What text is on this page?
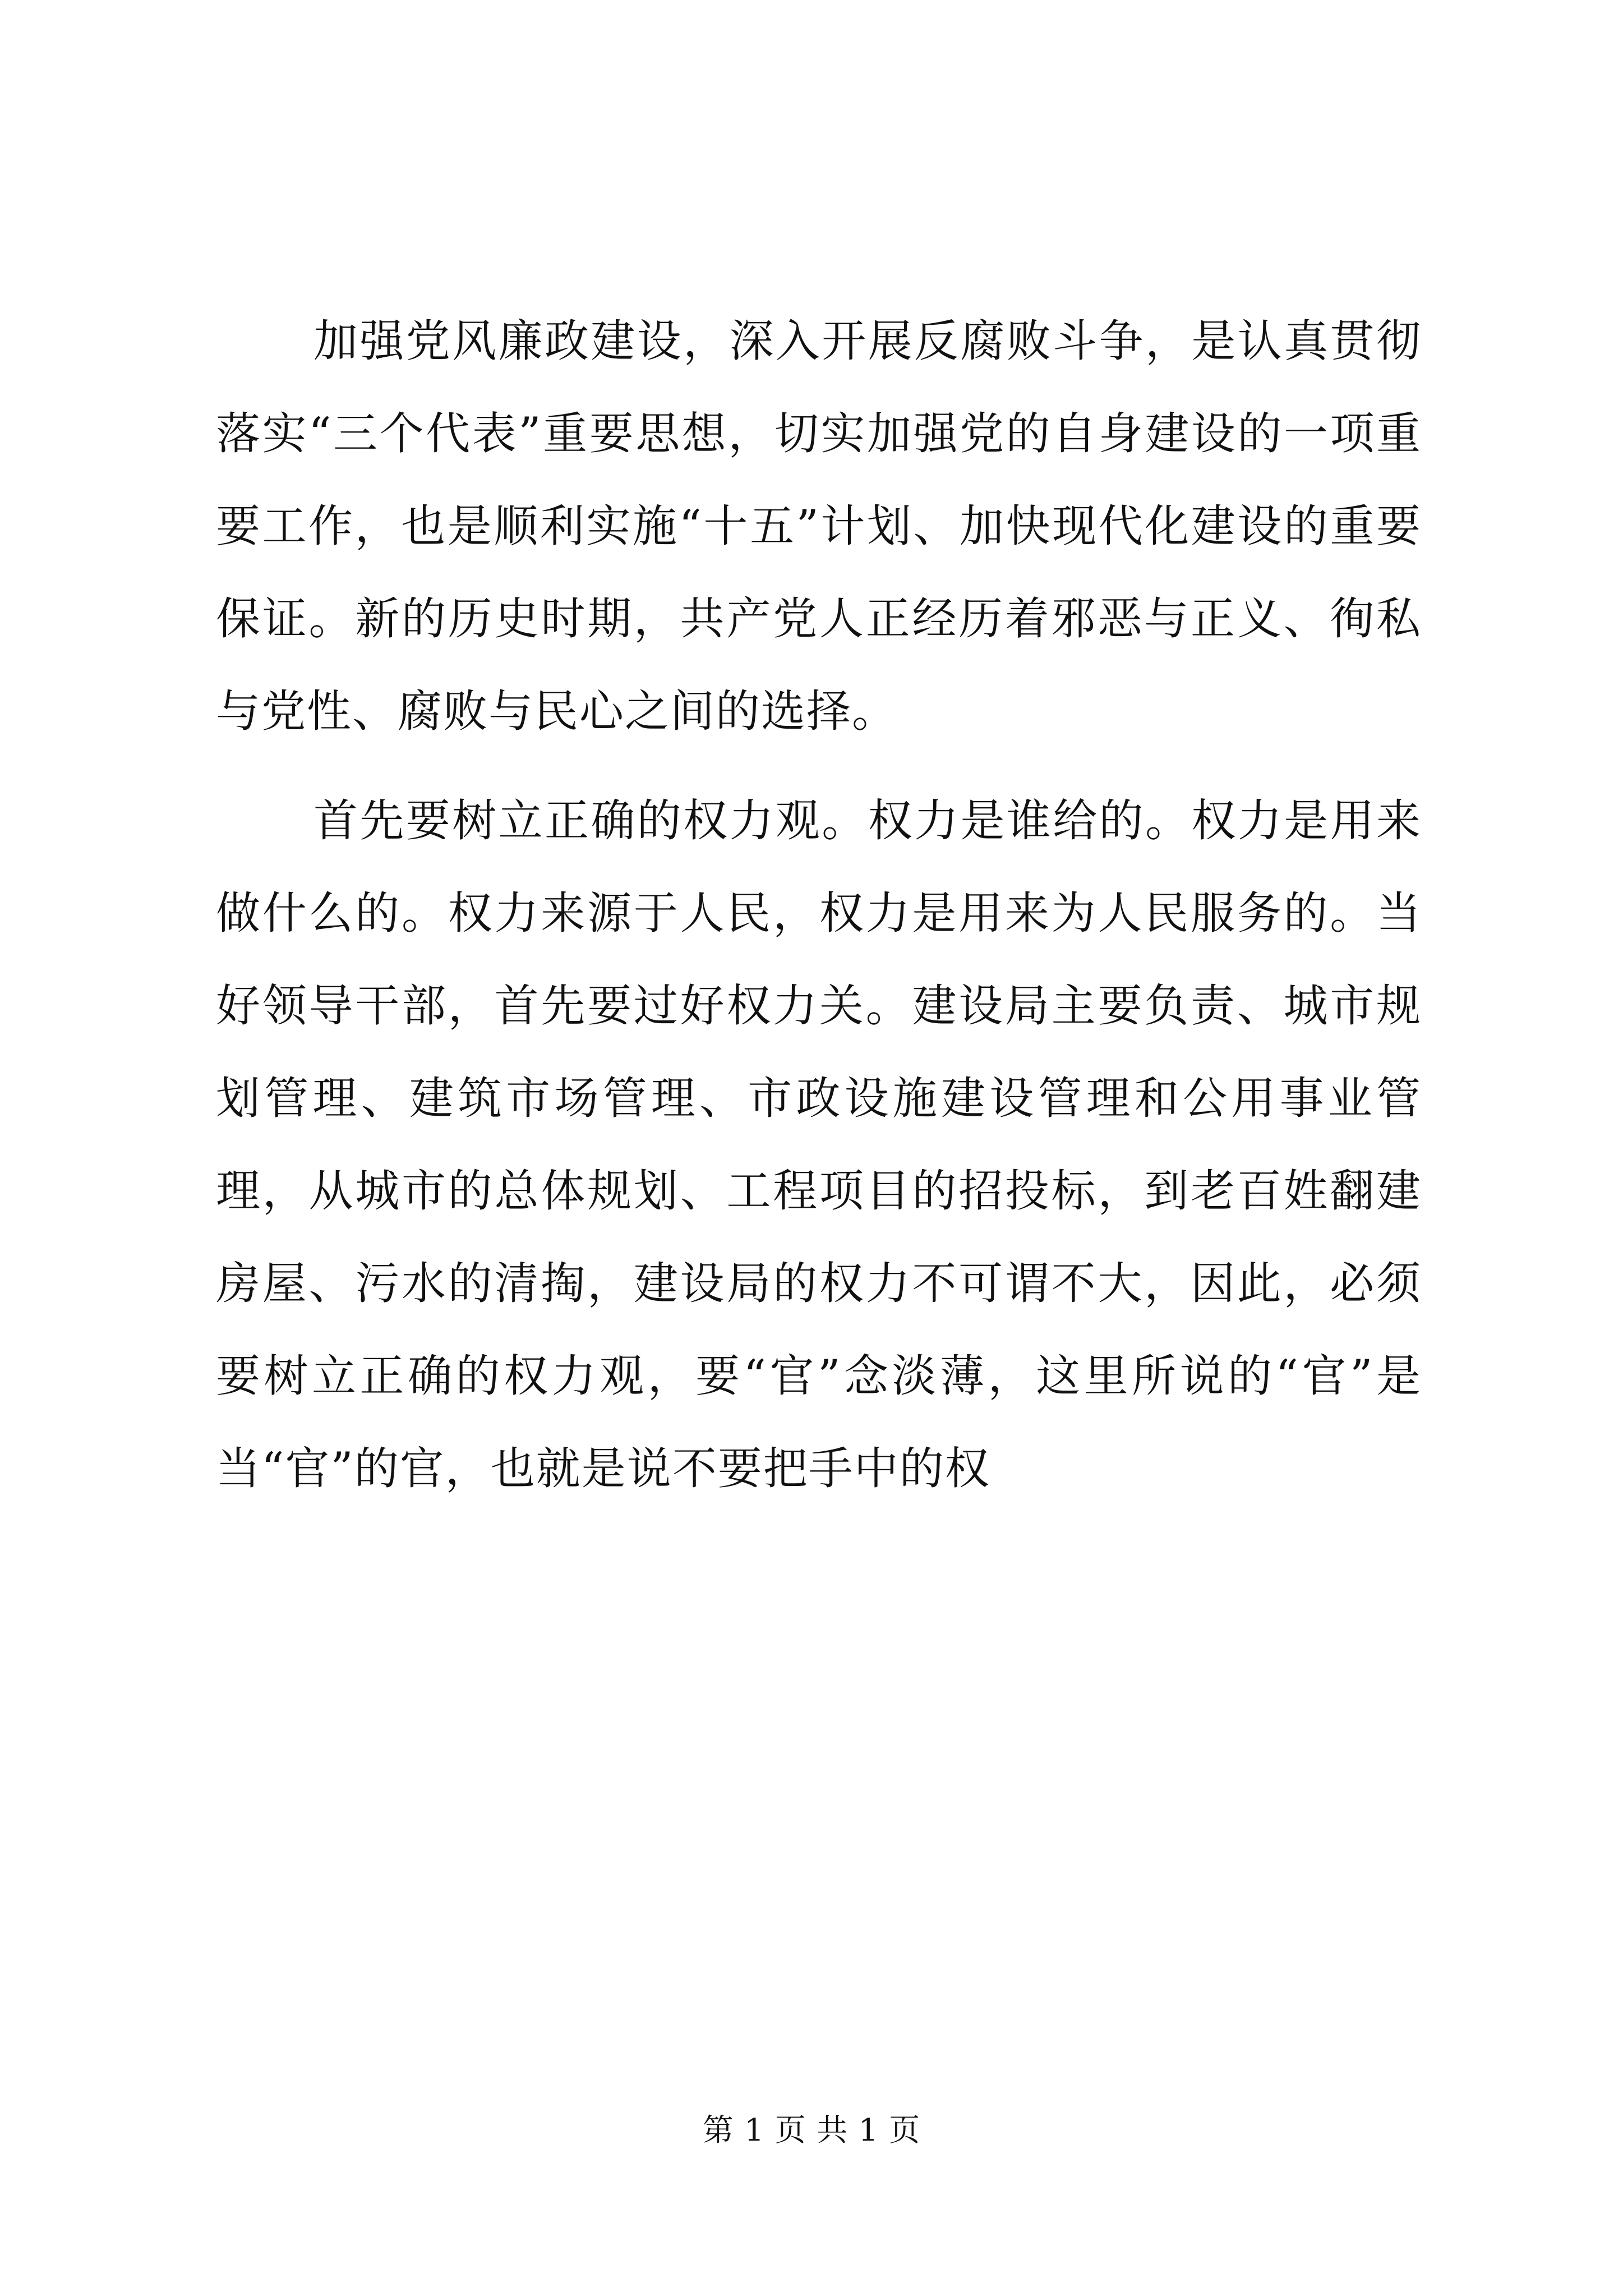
加强党风廉政建设，深入开展反腐败斗争，是认真贯彻落实“三个代表”重要思想，切实加强党的自身建设的一项重要工作，也是顺利实施“十五”计划、加快现代化建设的重要保证。新的历史时期，共产党人正经历着邪恶与正义、徇私与党性、腐败与民心之间的选择。

首先要树立正确的权力观。权力是谁给的。权力是用来做什么的。权力来源于人民，权力是用来为人民服务的。当好领导干部，首先要过好权力关。建设局主要负责、城市规划管理、建筑市场管理、市政设施建设管理和公用事业管理，从城市的总体规划、工程项目的招投标，到老百姓翻建房屋、污水的清掏，建设局的权力不可谓不大，因此，必须要树立正确的权力观，要“官”念淡薄，这里所说的“官”是当“官”的官，也就是说不要把手中的权

第 1 页 共 1 页
